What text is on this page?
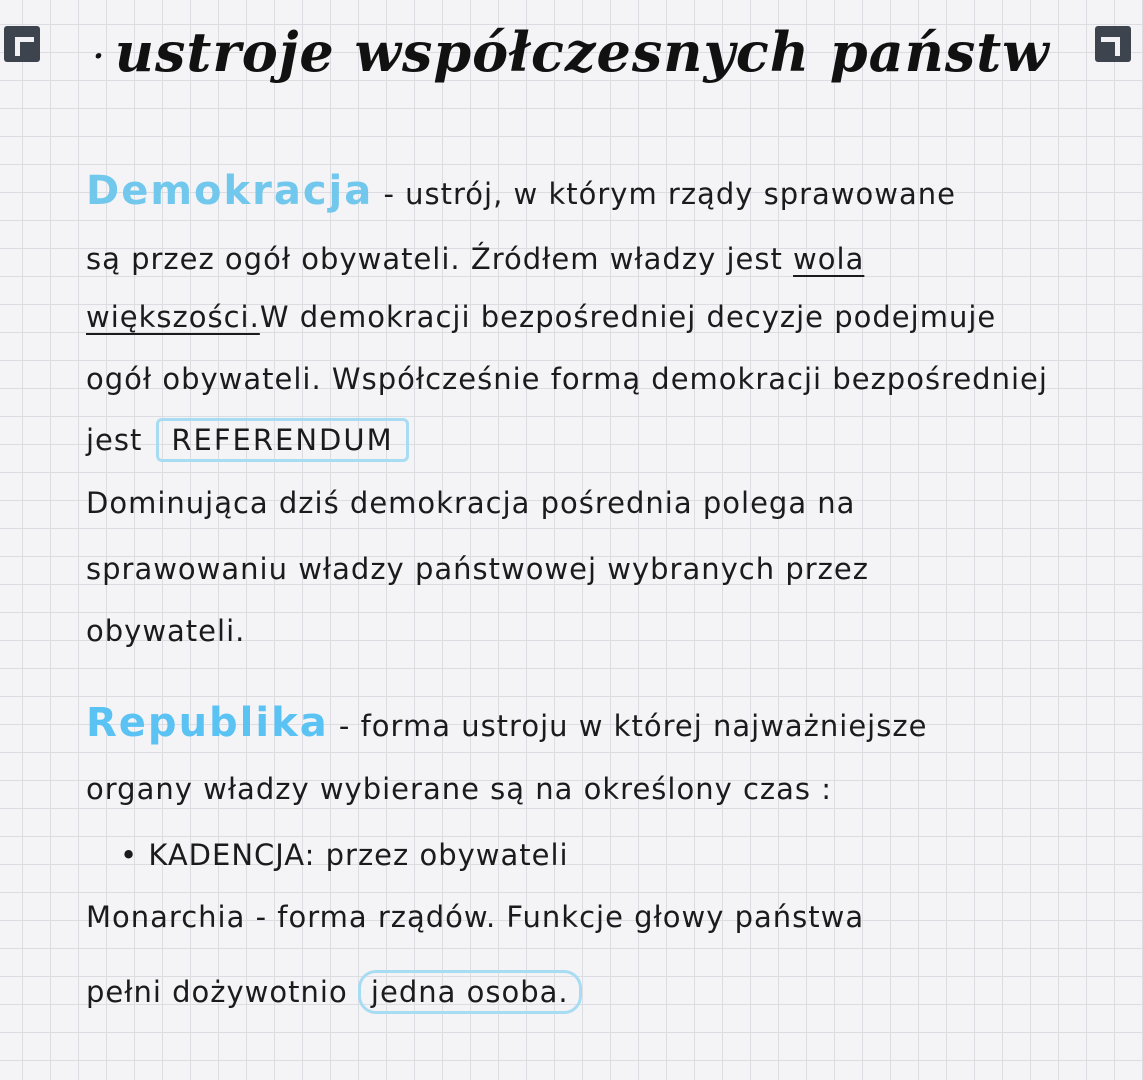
· ustroje współczesnych państw
Demokracja - ustrój, w którym rządy sprawowane
są przez ogół obywateli. Źródłem władzy jest wola
większości.W demokracji bezpośredniej decyzje podejmuje
ogół obywateli. Współcześnie formą demokracji bezpośredniej
jest REFERENDUM
Dominująca dziś demokracja pośrednia polega na
sprawowaniu władzy państwowej wybranych przez
obywateli.
Republika - forma ustroju w której najważniejsze
organy władzy wybierane są na określony czas :
• KADENCJA: przez obywateli
Monarchia - forma rządów. Funkcje głowy państwa
pełni dożywotnio jedna osoba.
